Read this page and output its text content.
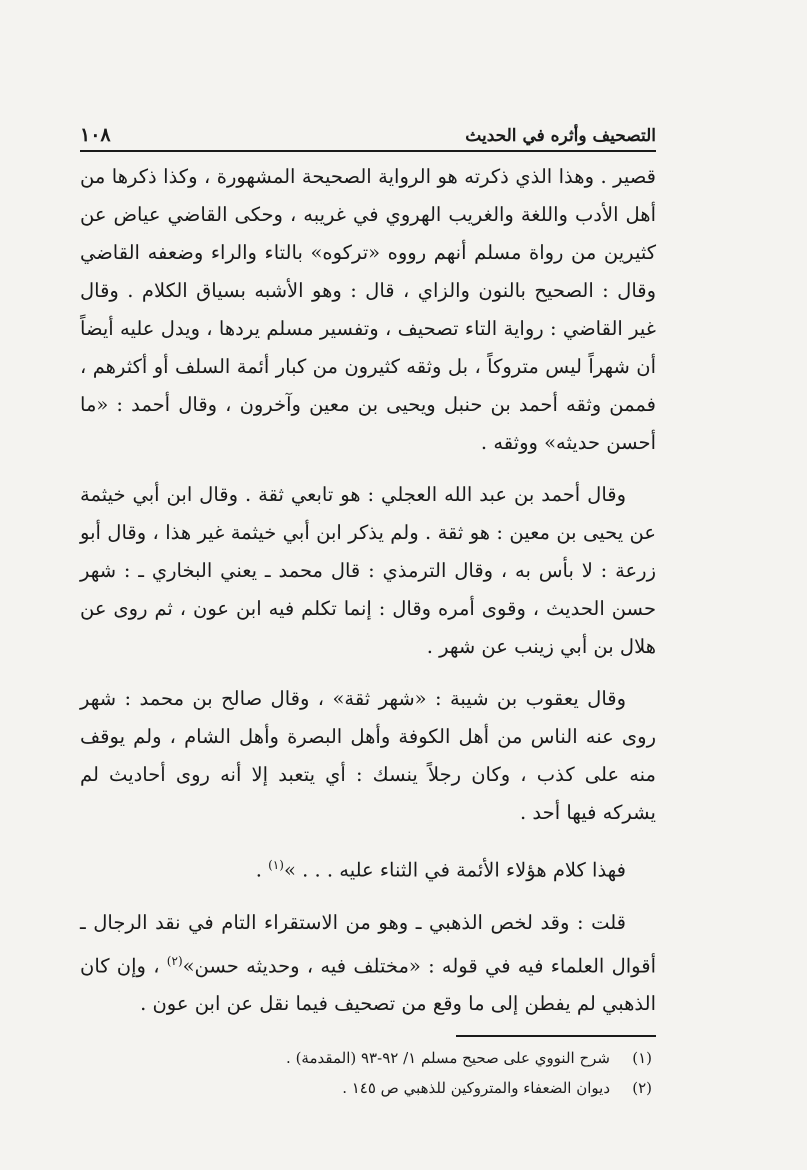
التصحيف وأثره في الحديث
١٠٨

قصير . وهذا الذي ذكرته هو الرواية الصحيحة المشهورة ، وكذا ذكرها من أهل الأدب واللغة والغريب الهروي في غريبه ، وحكى القاضي عياض عن كثيرين من رواة مسلم أنهم رووه «تركوه» بالتاء والراء وضعفه القاضي وقال : الصحيح بالنون والزاي ، قال : وهو الأشبه بسياق الكلام . وقال غير القاضي : رواية التاء تصحيف ، وتفسير مسلم يردها ، ويدل عليه أيضاً أن شهراً ليس متروكاً ، بل وثقه كثيرون من كبار أئمة السلف أو أكثرهم ، فممن وثقه أحمد بن حنبل ويحيى بن معين وآخرون ، وقال أحمد : «ما أحسن حديثه» ووثقه .

وقال أحمد بن عبد الله العجلي : هو تابعي ثقة . وقال ابن أبي خيثمة عن يحيى بن معين : هو ثقة . ولم يذكر ابن أبي خيثمة غير هذا ، وقال أبو زرعة : لا بأس به ، وقال الترمذي : قال محمد ـ يعني البخاري ـ : شهر حسن الحديث ، وقوى أمره وقال : إنما تكلم فيه ابن عون ، ثم روى عن هلال بن أبي زينب عن شهر .

وقال يعقوب بن شيبة : «شهر ثقة» ، وقال صالح بن محمد : شهر روى عنه الناس من أهل الكوفة وأهل البصرة وأهل الشام ، ولم يوقف منه على كذب ، وكان رجلاً ينسك : أي يتعبد إلا أنه روى أحاديث لم يشركه فيها أحد .

فهذا كلام هؤلاء الأئمة في الثناء عليه . . . »$^{(١)}$ .

قلت : وقد لخص الذهبي ـ وهو من الاستقراء التام في نقد الرجال ـ أقوال العلماء فيه في قوله : «مختلف فيه ، وحديثه حسن»$^{(٢)}$ ، وإن كان الذهبي لم يفطن إلى ما وقع من تصحيف فيما نقل عن ابن عون .

(١)
شرح النووي على صحيح مسلم ١/ ٩٢-٩٣ (المقدمة) .
(٢)
ديوان الضعفاء والمتروكين للذهبي ص ١٤٥ .
